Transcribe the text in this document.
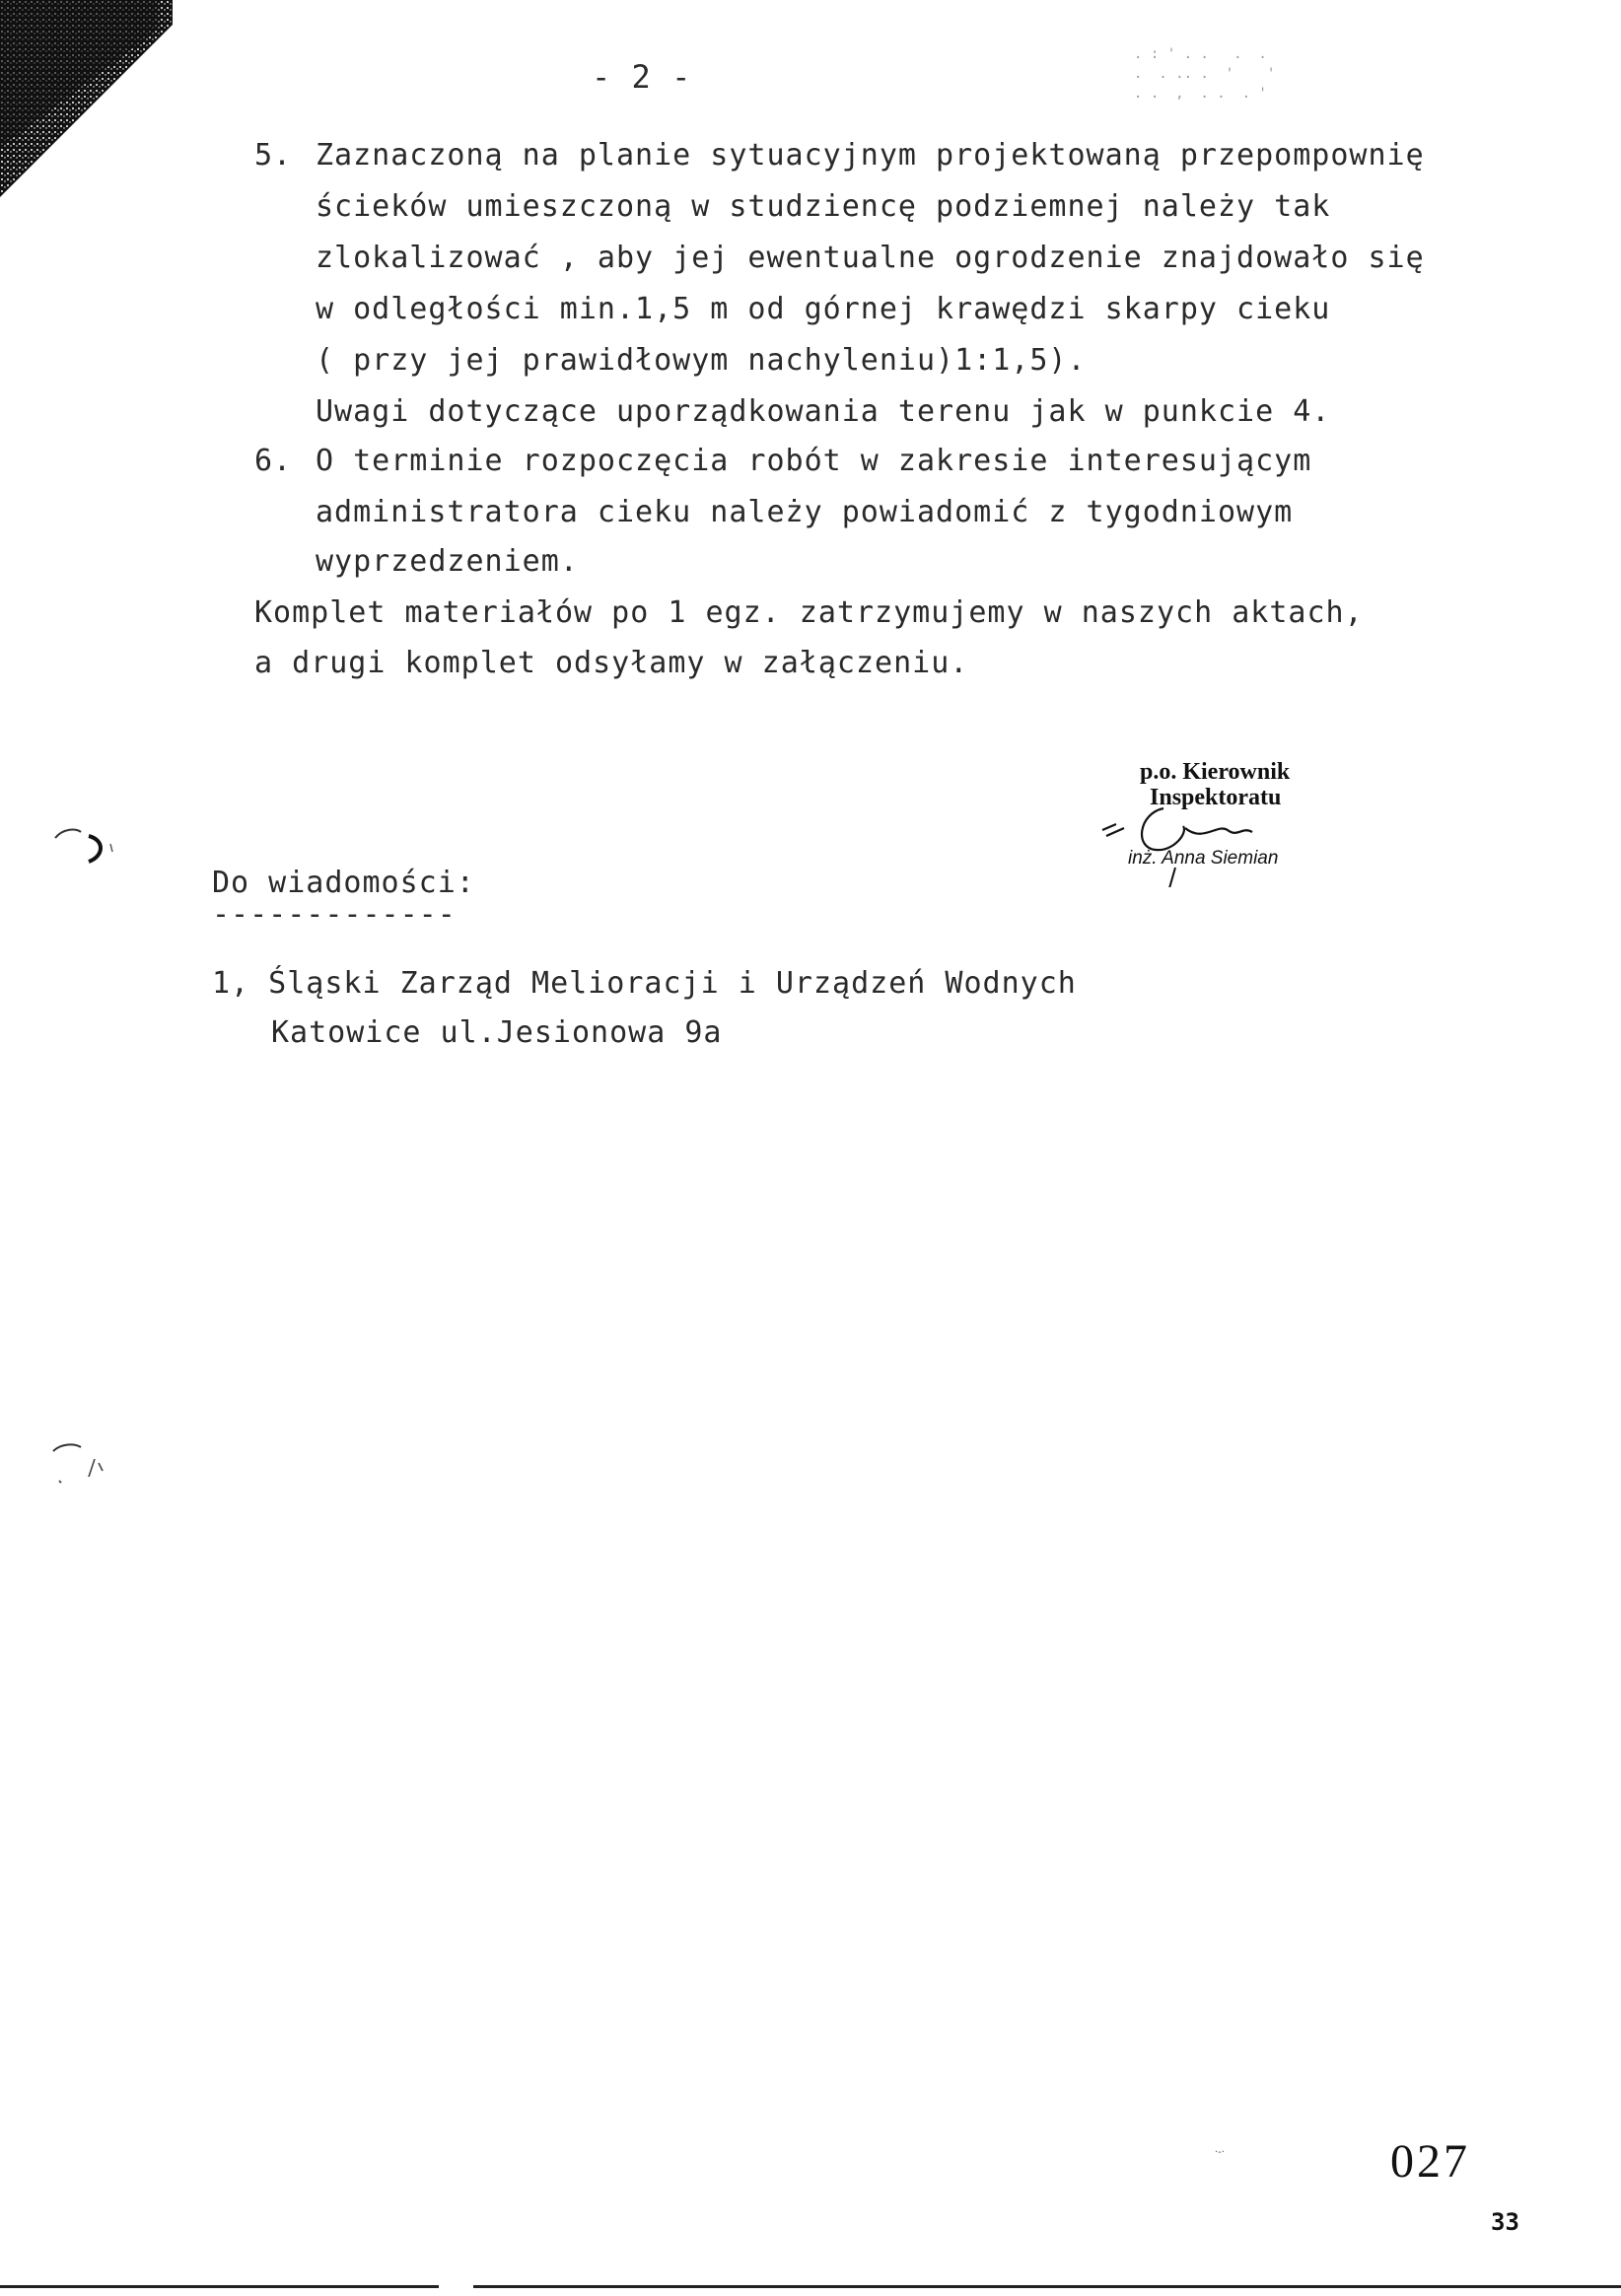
- 2 -
. : ' . .   .  .
.  . .. .  '    '
. .  ,  . .  . '
5. Zaznaczoną na planie sytuacyjnym projektowaną przepompownię
ścieków umieszczoną w studziencę podziemnej należy tak
zlokalizować , aby jej ewentualne ogrodzenie znajdowało się
w odległości min.1,5 m od górnej krawędzi skarpy cieku
( przy jej prawidłowym nachyleniu)1:1,5).
Uwagi dotyczące uporządkowania terenu jak w punkcie 4.
6. O terminie rozpoczęcia robót w zakresie interesującym
administratora cieku należy powiadomić z tygodniowym
wyprzedzeniem.
Komplet materiałów po 1 egz. zatrzymujemy w naszych aktach,
a drugi komplet odsyłamy w załączeniu.
p.o. Kierownik
Inspektoratu
inż. Anna Siemian
Do wiadomości:
-------------
1, Śląski Zarząd Melioracji i Urządzeń Wodnych
Katowice ul.Jesionowa 9a
·-·	027
33
